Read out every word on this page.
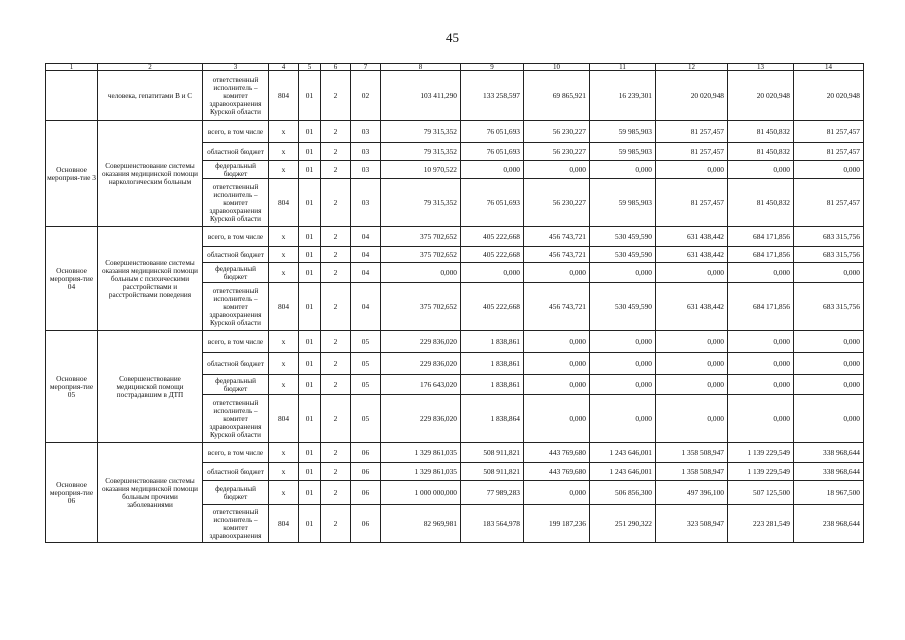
45
1	2	3	4	5	6	7	8	9	10	11	12	13	14
	человека, гепатитами В и С	ответственный исполнитель – комитет здравоохранения Курской области	804	01	2	02	103 411,290	133 258,597	69 865,921	16 239,301	20 020,948	20 020,948	20 020,948
Основное мероприя-тие 3	Совершенствование системы оказания медицинской помощи наркологическим больным	всего, в том числе	x	01	2	03	79 315,352	76 051,693	56 230,227	59 985,903	81 257,457	81 450,832	81 257,457
		областной бюджет	x	01	2	03	79 315,352	76 051,693	56 230,227	59 985,903	81 257,457	81 450,832	81 257,457
		федеральный бюджет	x	01	2	03	10 970,522	0,000	0,000	0,000	0,000	0,000	0,000
		ответственный исполнитель – комитет здравоохранения Курской области	804	01	2	03	79 315,352	76 051,693	56 230,227	59 985,903	81 257,457	81 450,832	81 257,457
Основное мероприя-тие 04	Совершенствование системы оказания медицинской помощи больным с психическими расстройствами и расстройствами поведения	всего, в том числе	x	01	2	04	375 702,652	405 222,668	456 743,721	530 459,590	631 438,442	684 171,856	683 315,756
		областной бюджет	x	01	2	04	375 702,652	405 222,668	456 743,721	530 459,590	631 438,442	684 171,856	683 315,756
		федеральный бюджет	x	01	2	04	0,000	0,000	0,000	0,000	0,000	0,000	0,000
		ответственный исполнитель – комитет здравоохранения Курской области	804	01	2	04	375 702,652	405 222,668	456 743,721	530 459,590	631 438,442	684 171,856	683 315,756
Основное мероприя-тие 05	Совершенствование медицинской помощи пострадавшим в ДТП	всего, в том числе	x	01	2	05	229 836,020	1 838,861	0,000	0,000	0,000	0,000	0,000
		областной бюджет	x	01	2	05	229 836,020	1 838,861	0,000	0,000	0,000	0,000	0,000
		федеральный бюджет	x	01	2	05	176 643,020	1 838,861	0,000	0,000	0,000	0,000	0,000
		ответственный исполнитель – комитет здравоохранения Курской области	804	01	2	05	229 836,020	1 838,864	0,000	0,000	0,000	0,000	0,000
Основное мероприя-тие 06	Совершенствование системы оказания медицинской помощи больным прочими заболеваниями	всего, в том числе	x	01	2	06	1 329 861,035	508 911,821	443 769,680	1 243 646,001	1 358 508,947	1 139 229,549	338 968,644
		областной бюджет	x	01	2	06	1 329 861,035	508 911,821	443 769,680	1 243 646,001	1 358 508,947	1 139 229,549	338 968,644
		федеральный бюджет	x	01	2	06	1 000 000,000	77 989,283	0,000	506 856,300	497 396,100	507 125,500	18 967,500
		ответственный исполнитель – комитет здравоохранения	804	01	2	06	82 969,981	183 564,978	199 187,236	251 290,322	323 508,947	223 281,549	238 968,644
